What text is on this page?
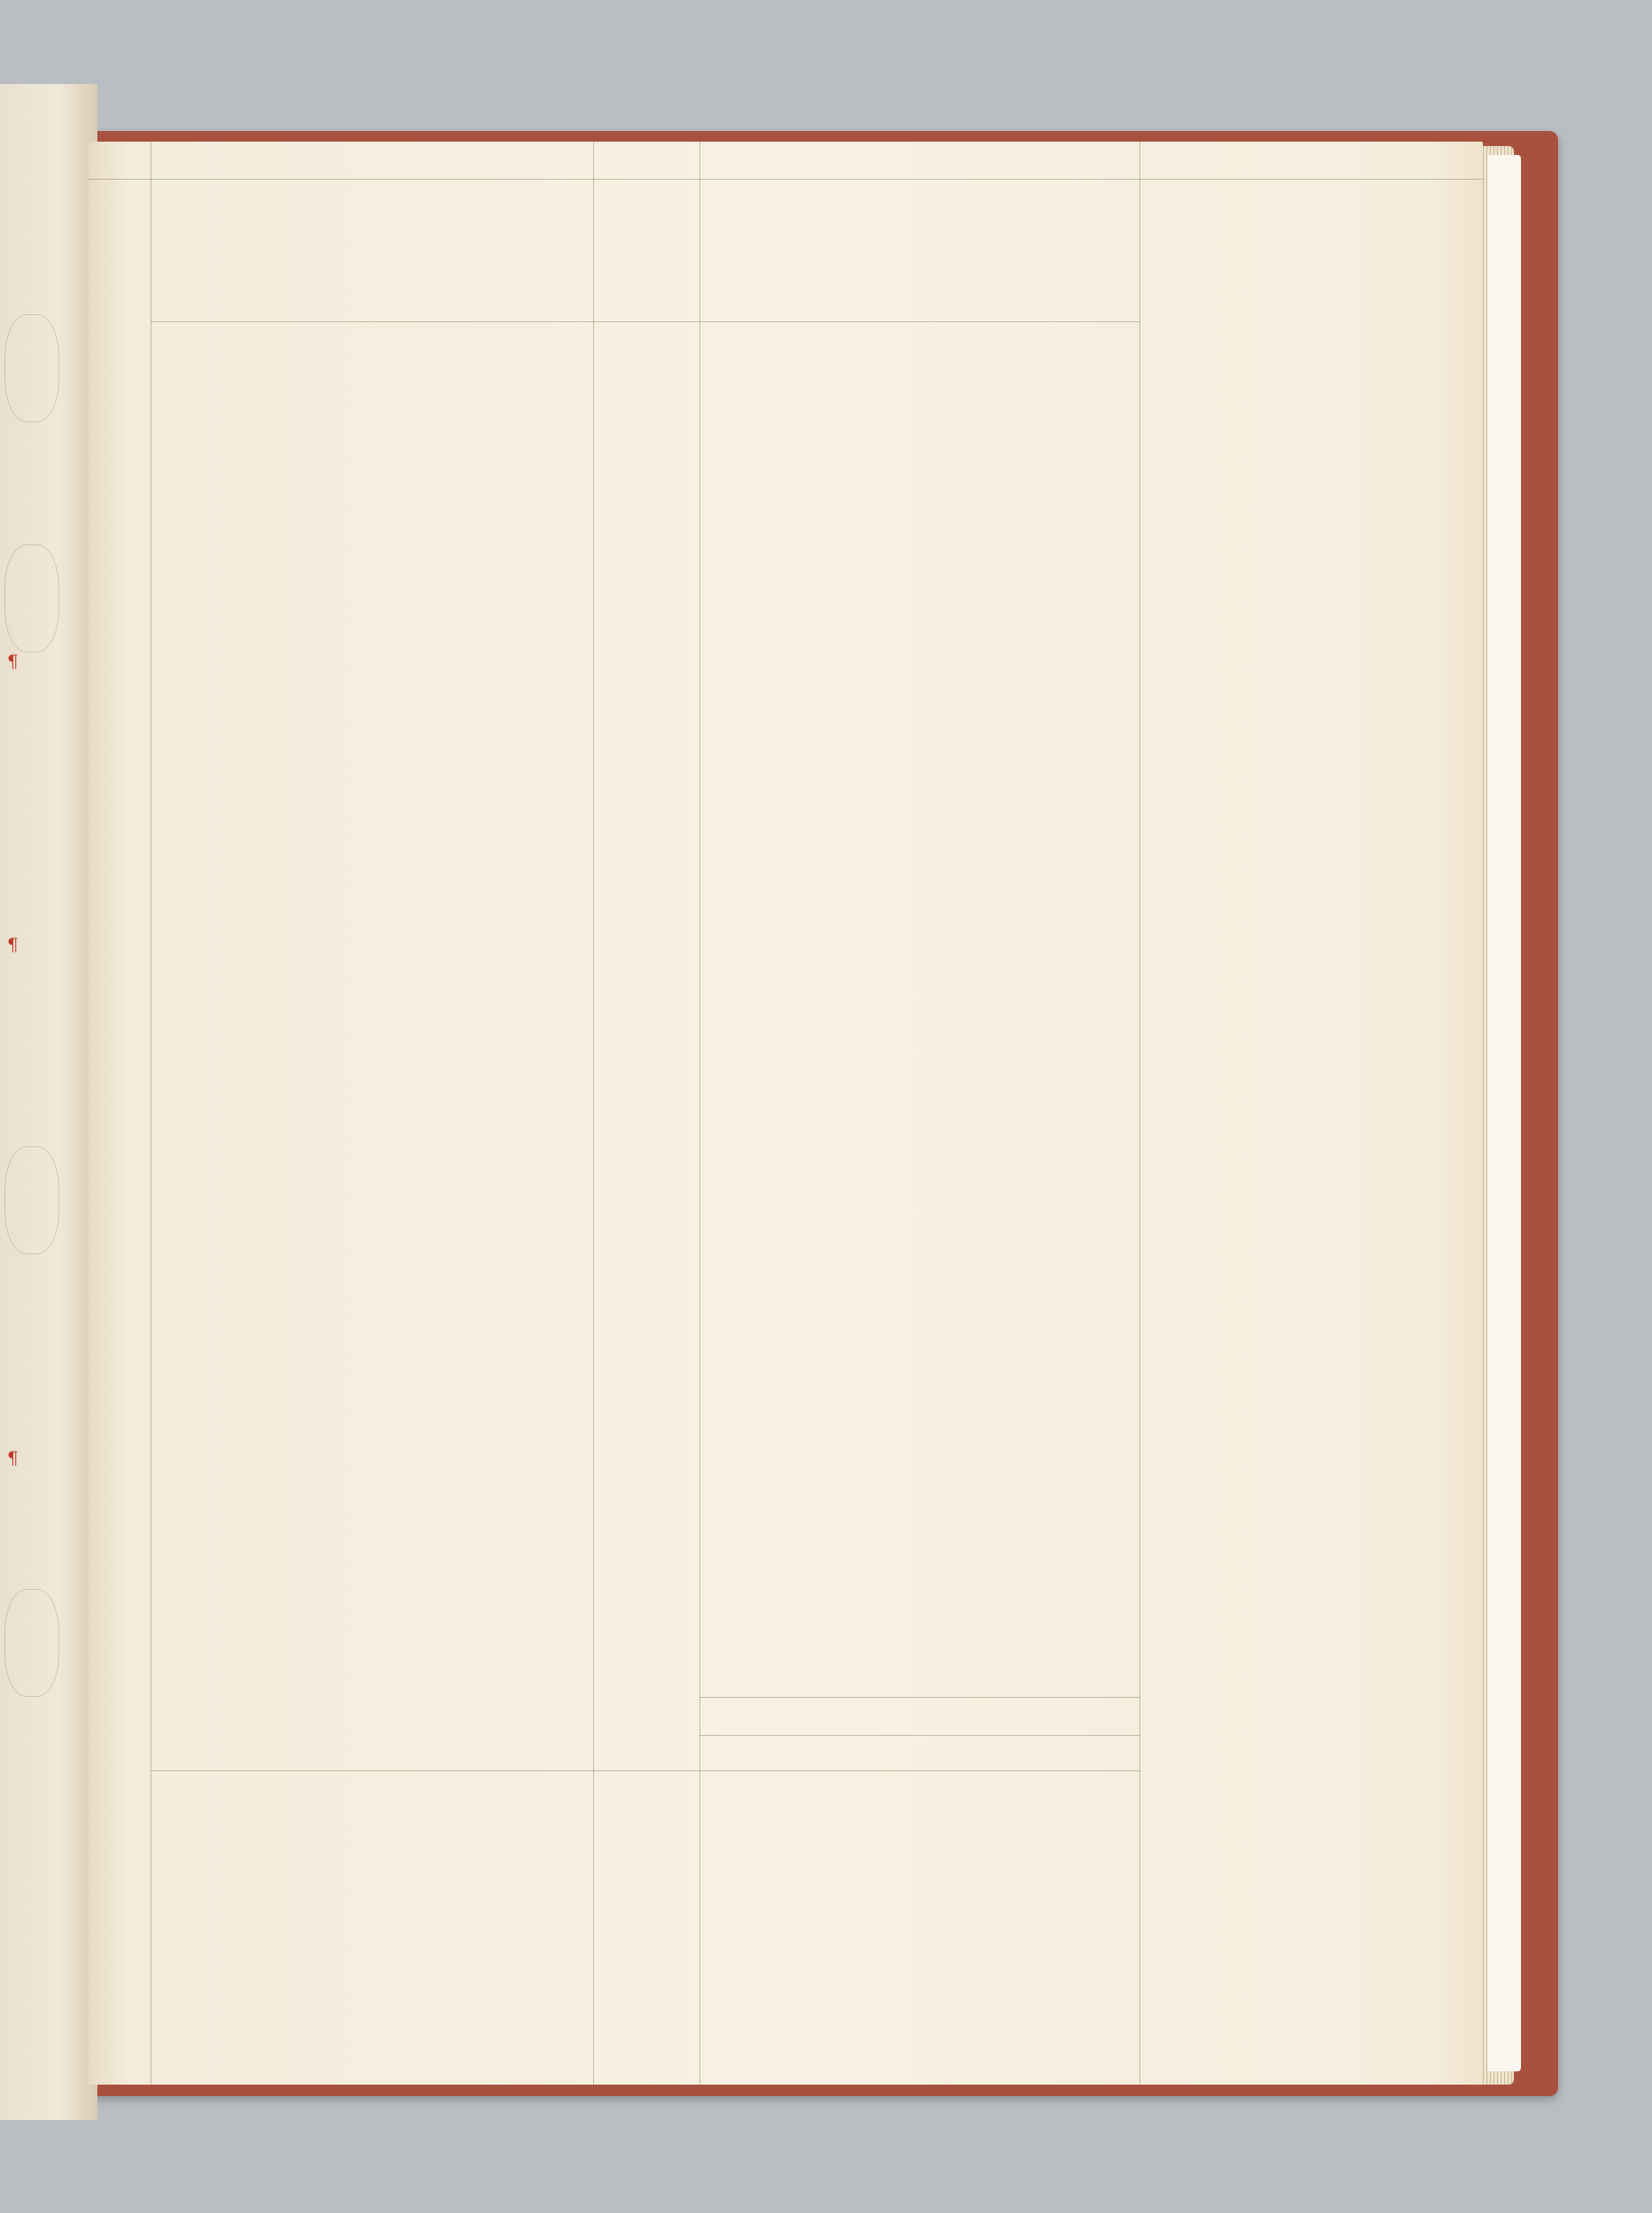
¶
¶
¶
